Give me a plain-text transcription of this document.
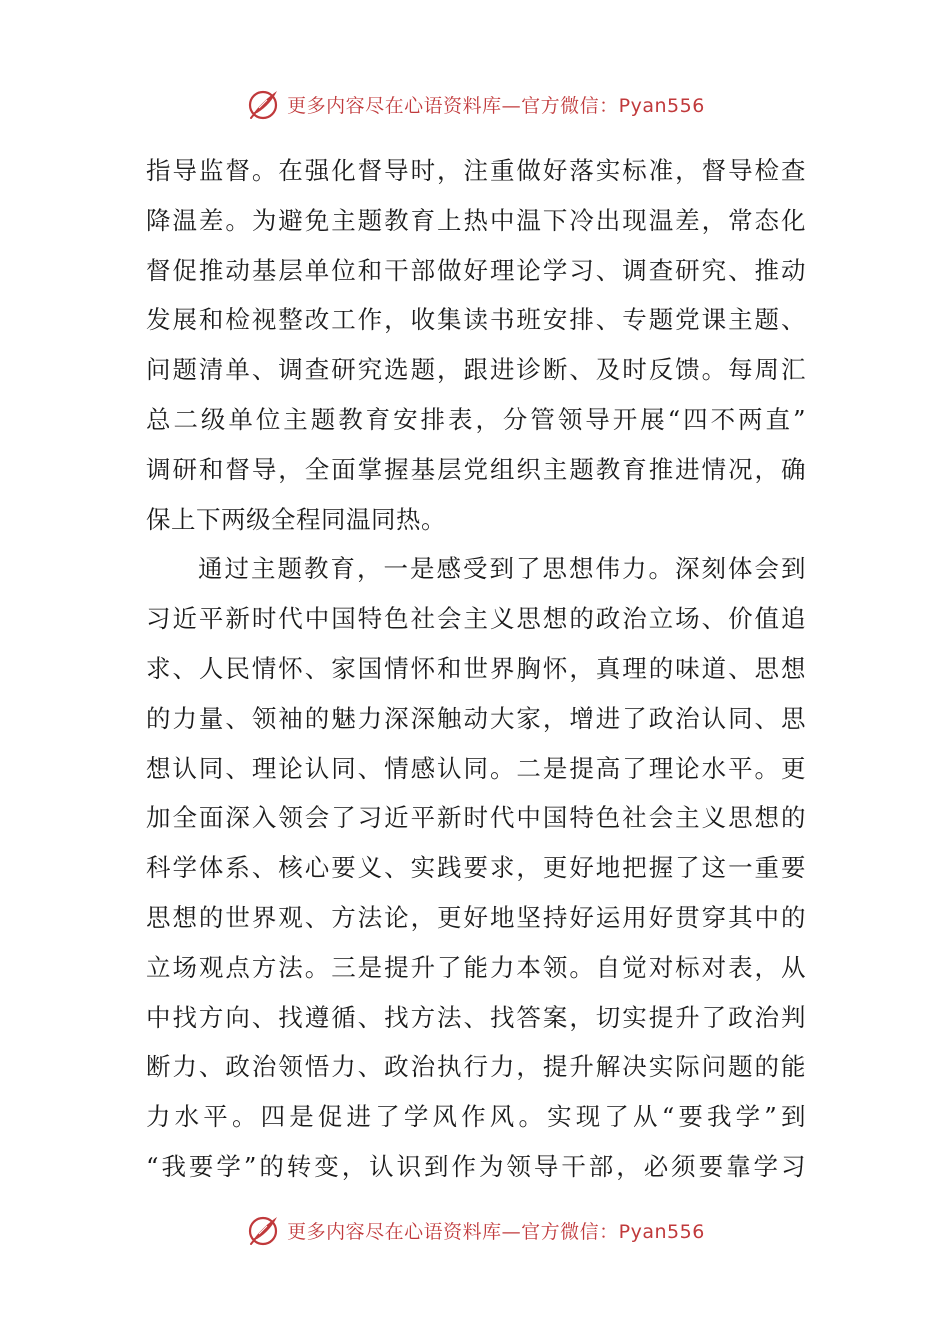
更多内容尽在心语资料库—官方微信：Pyan556
指导监督。在强化督导时，注重做好落实标准，督导检查
降温差。为避免主题教育上热中温下冷出现温差，常态化
督促推动基层单位和干部做好理论学习、调查研究、推动
发展和检视整改工作，收集读书班安排、专题党课主题、
问题清单、调查研究选题，跟进诊断、及时反馈。每周汇
总二级单位主题教育安排表，分管领导开展“四不两直”
调研和督导，全面掌握基层党组织主题教育推进情况，确
保上下两级全程同温同热。
通过主题教育，一是感受到了思想伟力。深刻体会到
习近平新时代中国特色社会主义思想的政治立场、价值追
求、人民情怀、家国情怀和世界胸怀，真理的味道、思想
的力量、领袖的魅力深深触动大家，增进了政治认同、思
想认同、理论认同、情感认同。二是提高了理论水平。更
加全面深入领会了习近平新时代中国特色社会主义思想的
科学体系、核心要义、实践要求，更好地把握了这一重要
思想的世界观、方法论，更好地坚持好运用好贯穿其中的
立场观点方法。三是提升了能力本领。自觉对标对表，从
中找方向、找遵循、找方法、找答案，切实提升了政治判
断力、政治领悟力、政治执行力，提升解决实际问题的能
力水平。四是促进了学风作风。实现了从“要我学”到
“我要学”的转变，认识到作为领导干部，必须要靠学习
更多内容尽在心语资料库—官方微信：Pyan556
